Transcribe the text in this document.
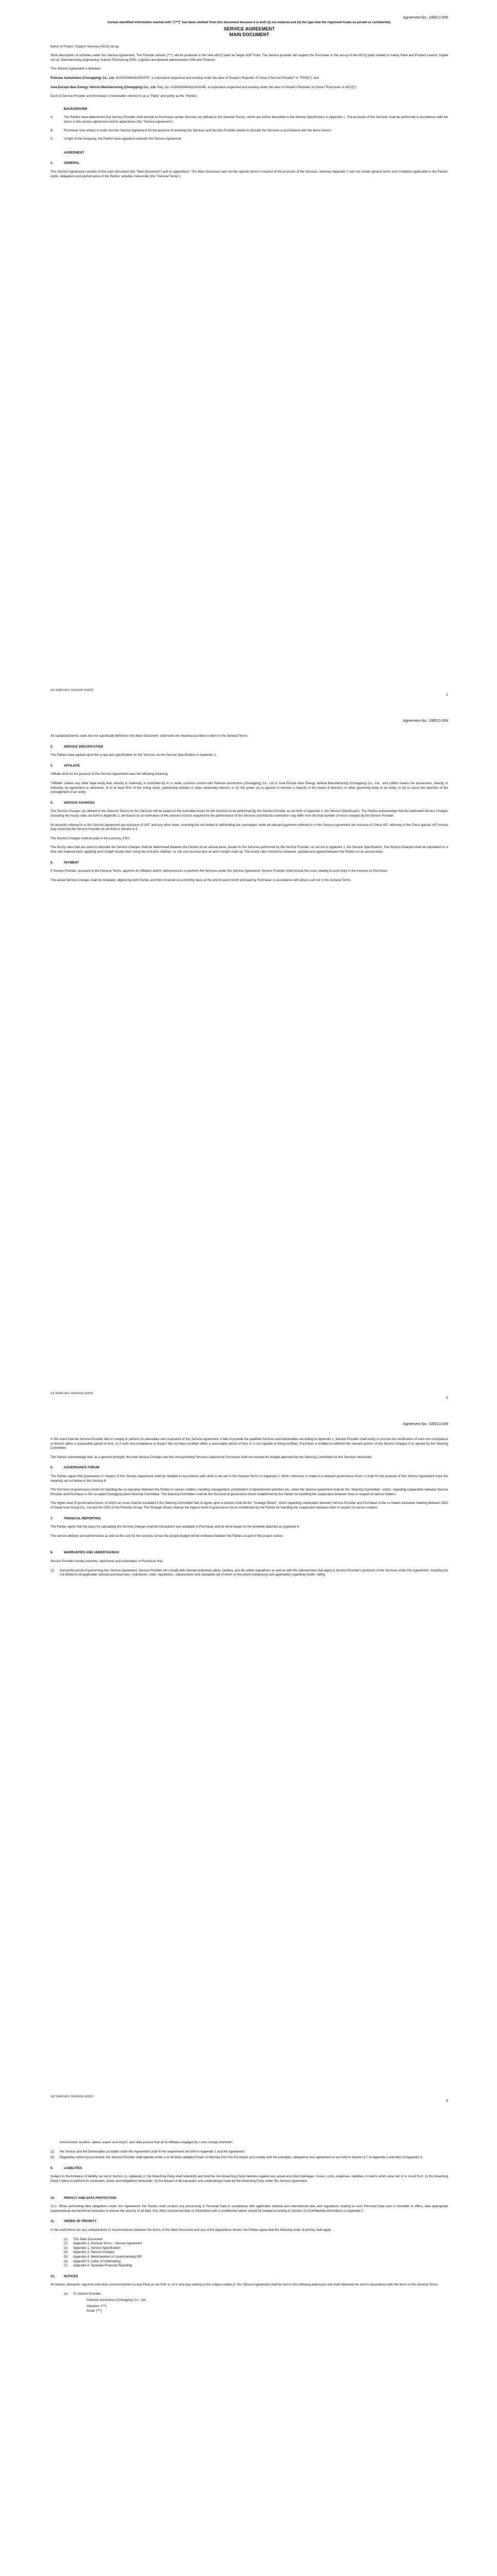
Agreement No.: GEE21-009

Certain identified information marked with "[***]" has been omitted from this document because it is both (i) not material and (ii) the type that the registrant treats as private or confidential.

SERVICE AGREEMENT
MAIN DOCUMENT

Name of Project: Support Services AECQ set-up

Short description of activities under this Service Agreement: The Polestar vehicle, [***], will be produced in the new AECQ plant at Target SOP Point. The Service provider will support the Purchaser in the set-up of the AECQ plant related to mainly Plant and Product Launch, Digital set-up, Manufacturing engineering, Indirect Purchasing (IDP), Logistics and general administration (HR and Finance).

This Service Agreement is between:

Polestar Automotive (Chongqing) Co., Ltd, 91500000MA61B0SF97, a corporation organized and existing under the laws of People's Republic of China ("Service Provider" or "PSOQ"), and

Asia Europe New Energy Vehicle Manufacturing (Chongqing) Co., Ltd, Reg. No. 91500000MA61AKNX4E, a corporation organized and existing under the laws of People's Republic of China ("Purchaser or AECQ").

Each of Service Provider and Purchaser is hereinafter referred to as a "Party" and jointly as the "Parties".

BACKGROUND
A.	The Parties have determined that Service Provider shall provide to Purchaser certain Services (as defined in the General Terms), which are further described in the Service Specification in Appendix 1. The provision of the Services shall be performed in accordance with the terms in this service agreement and its appendices (the "Service Agreement").
B.	Purchaser now wishes to enter into this Service Agreement for the purpose of receiving the Services and Service Provider wishes to provide the Services in accordance with the terms herein.
C.	In light of the foregoing, the Parties have agreed to execute this Service Agreement.
AGREEMENT
1.	GENERAL

This Service Agreement consists of this main document (the "Main Document") and its appendices. This Main Document sets out the specific terms in respect of the provision of the Services, whereas Appendix 2 sets out certain general terms and conditions applicable to the Parties' rights, obligations and performance of the Parties' activities hereunder (the "General Terms").

SA TEMPLATE VERSION 202022
1
Agreement No.: GEE21-009

All capitalized terms used, but not specifically defined in this Main Document, shall have the meaning ascribed to them in the General Terms.

2.	SERVICE SPECIFICATION

The Parties have agreed upon the scope and specification for the Services as the Service Specification in Appendix 1.

3.	AFFILIATE

Affiliate shall for the purpose of this Service Agreement have the following meaning:

"Affiliate" means any other legal entity that, directly or indirectly, is controlled by or is under common control with Polestar Automotive (Chongqing) Co., Ltd or Asia Europe New Energy Vehicle Manufacturing (Chongqing) Co., Ltd ; and control means the possession, directly or indirectly, by agreement or otherwise, of (i) at least 50% of the voting stock, partnership interest or other ownership interest, or (ii) the power (a) to appoint or remove a majority of the board of directors or other governing body of an entity, or (b) to cause the direction of the management of an entity.

4.	SERVICE CHARGES

The Service Charges (as defined in the General Terms) for the Services will be based on the estimated hours for the Services to be performed by the Service Provider as set forth in Appendix 1, the Service Specification. The Parties acknowledge that the estimated Service Charges (including the hourly rates set forth in Appendix 3, are based on an estimation of the amount of hours required for the performance of the Services and that this estimation may differ from the final number of hours charged by the Service Provider.

All amounts referred to in this Service Agreement are exclusive of VAT, and any other taxes, including but not limited to withholding tax surcharges; while all relevant payments referred to in this Service Agreement are inclusive of China VAT, referring to the China special VAT invoice duly issued by the Service Provider as set forth in Section 6.3.

The Service Charges shall be paid in the currency: CNY.

The hourly rates that are used to calculate the Service Charges shall be determined between the Parties on an annual basis, based on the Services performed by the Service Provider, as set out in Appendix 1, the Service Specification. The Service Charges shall be calculated on a time and material basis applying arm's length hourly rates using the cost-plus method, i.e. full cost incurred plus an arm's length mark-up. The hourly rates should be reviewed, updated and agreed between the Parties on an annual basis.

5.	PAYMENT

If Service Provider, pursuant to the General Terms, appoints its Affiliates and/or subcontractors to perform the Services under this Service Agreement, Service Provider shall include the costs relating to such work in the invoices to Purchaser.

The actual Service Charges shall be reviewed, aligned by both Parties and then invoiced on a monthly basis at the end of each month and paid by Purchaser in accordance with what is set out in the General Terms.

SA TEMPLATE VERSION 202022
2
Agreement No.: GEE21-009

In the event that the Service Provider fails to comply or perform its warranties and covenants of this Service Agreement, it fails to provide the qualified Services and deliverables according to Appendix 1, Service Provider shall rectify or procure the rectification of such non-compliance or breach within a reasonable period of time, or if such non-compliance or breach has not been rectified within a reasonable period of time or is not capable of being rectified, Purchaser is entitled to withhold the relevant portion of the Service Charges if so agreed by the Steering Committee.

The Parties acknowledge that, as a general principle, the total Service Charges and the corresponding Services required by Purchaser shall not exceed the budget approved by the Steering Committee for this Services hereunder.

6.	GOVERNANCE FORUM

The Parties agree that governance in respect of this Service Agreement shall be handled in accordance with what is set out in the General Terms in Appendix 2. When reference is made to a relevant governance forum, it shall for the purpose of this Service Agreement have the meaning set out below in this Section 6.

The first level of governance forum for handling the co-operation between the Parties in various matters, handling management, prioritization of development activities etc. under the Service Agreement shall be the "Steering Committee", which, regarding cooperation between Service Provider and Purchaser is the so-called Chongqing plant Steering Committee. The Steering Committee shall be the first level of governance forum established by the Parties for handling the cooperation between them in respect of various matters.

The higher level of governance forum, to which an issue shall be escalated if the Steering Committee fails to agree upon a solution shall be the "Strategic Board", which regarding cooperation between Service Provider and Purchaser is the so means executive meeting between CEO of Geely Auto Group Co., Ltd and the CEO of the Polestar Group. The Strategic Board shall be the highest level of governance forum established by the Parties for handling the cooperation between them in respect of various matters.

7.	FINANCIAL REPORTING

The Parties agree that the basis for calculating the Service Charges shall be transparent and auditable to Purchaser and be done based on the template attached as Appendix 6.

The service delivery and performance as well as the cost for the services versus the project budget will be reviewed between the Parties as part of the project review.

8.	WARRANTIES AND UNDERTAKINGS

Service Provider hereby warrants, represents and undertakes to Purchaser that:

(1)	during the period of performing this Service Agreement, Service Provider will comply with relevant industrial safety, sanitary, and life safety regulations as well as with the relevant laws that apply to Service Provider's provision of the Services under this Agreement, including but not limited to all applicable national and local laws, ordinances, rules, regulations, requirements and standards (all of which to the extent compulsory and applicable) regarding health, safety,
SA TEMPLATE VERSION 202022
3

environment, taxation, labour, export and import, and shall procure that all its Affiliates engaged by it also comply therewith;

(2)	the Service and the Deliverables provided under this Agreement shall fit the requirement set forth in Appendix 1 and the Agreement.
(3)	Regarding indirect procurement, the Service Provider shall operate under a at all times updated Power of Attorney from the Purchaser and comply with the principles, obligations and agreement as set forth in Section 4.7 of Appendix 1 and MoU of Appendix 4.
9.	LIABILITIES

Subject to the limitation of liability set out in Section 11, Appendix 2, the breaching Party shall indemnify and hold the non-breaching Party harmless against any actual and direct damages, losses, costs, expenses, liabilities or claims which arise out of or result from: (i) the breaching Party's failure to perform its covenants, duties and obligations hereunder; (ii) the breach of all warranties and undertakings made by the breaching Party under this Service Agreement.

10.	PRIVACY AND DATA PROTECTION

10.1. When performing their obligations under this Agreement, the Parties shall conduct any processing of Personal Data in compliance with applicable national and international laws and regulations relating to such Personal Data now or hereafter in effect, take appropriate organizational and technical measures to ensure the security of all data. Any other commercial data or information with a confidential nature should be treated according to Section 13 (Confidential information) in Appendix 2.

11.	ORDER OF PRIORITY

In the event there are any contradictions or inconsistencies between the terms of this Main Document and any of the Appendices hereto, the Parties agree that the following order of priority shall apply:

(1)	This Main Document
(2)	Appendix 2, General Terms – Service Agreement
(3)	Appendix 1, Service Specification
(4)	Appendix 3, Service Charges
(5)	Appendix 4, Memorandum of Understanding IDP
(6)	Appendix 5, Letter of Undertaking
(7)	Appendix 6, Template Financial Reporting
12.	NOTICES

All notices, demands, requests and other communications to any Party as set forth in, or in any way relating to the subject matter of, this Service Agreement shall be sent to the following addresses and shall otherwise be sent in accordance with the terms in the General Terms:

(a)	To Service Provider:
Polestar Automotive (Chongqing) Co., Ltd
Attention: [***]
Email: [***]
